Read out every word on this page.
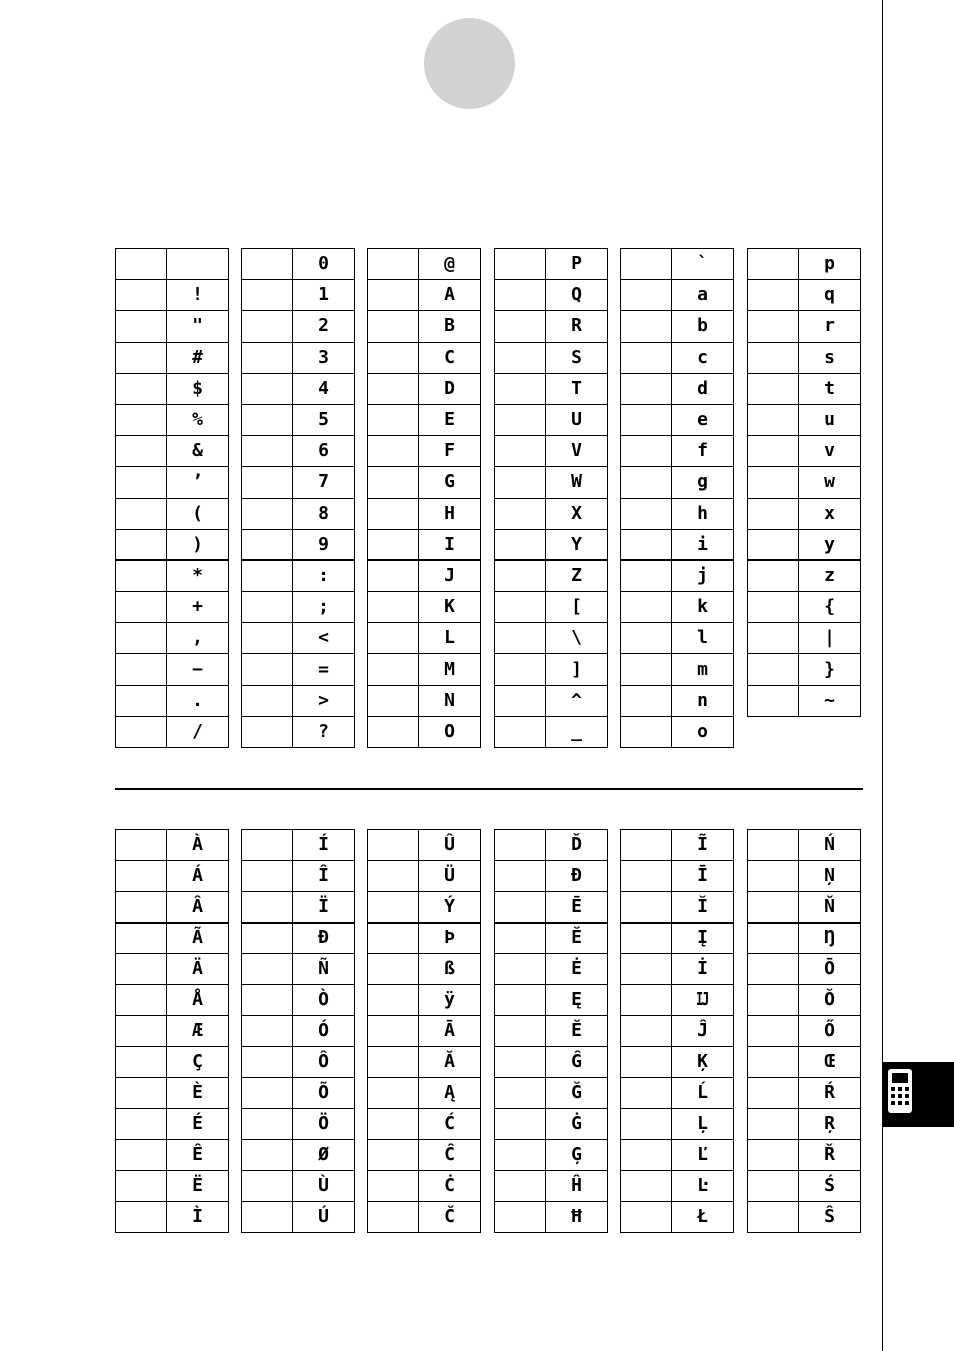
	!
	"
	#
	$
	%
	&
	’
	(
	)
	*
	+
	,
	−
	.
	/
	0
	1
	2
	3
	4
	5
	6
	7
	8
	9
	:
	;
	<
	=
	>
	?
	@
	A
	B
	C
	D
	E
	F
	G
	H
	I
	J
	K
	L
	M
	N
	O
	P
	Q
	R
	S
	T
	U
	V
	W
	X
	Y
	Z
	[
	\
	]
	^
	_
	`
	a
	b
	c
	d
	e
	f
	g
	h
	i
	j
	k
	l
	m
	n
	o
	p
	q
	r
	s
	t
	u
	v
	w
	x
	y
	z
	{
	|
	}
	~
	À
	Á
	Â
	Ã
	Ä
	Å
	Æ
	Ç
	È
	É
	Ê
	Ë
	Ì
	Í
	Î
	Ï
	Ð
	Ñ
	Ò
	Ó
	Ô
	Õ
	Ö
	Ø
	Ù
	Ú
	Û
	Ü
	Ý
	Þ
	ß
	ÿ
	Ā
	Ă
	Ą
	Ć
	Ĉ
	Ċ
	Č
	Ď
	Đ
	Ē
	Ĕ
	Ė
	Ę
	Ě
	Ĝ
	Ğ
	Ġ
	Ģ
	Ĥ
	Ħ
	Ĩ
	Ī
	Ĭ
	Į
	İ
	Ĳ
	Ĵ
	Ķ
	Ĺ
	Ļ
	Ľ
	Ŀ
	Ł
	Ń
	Ņ
	Ň
	Ŋ
	Ō
	Ŏ
	Ő
	Œ
	Ŕ
	Ŗ
	Ř
	Ś
	Ŝ
